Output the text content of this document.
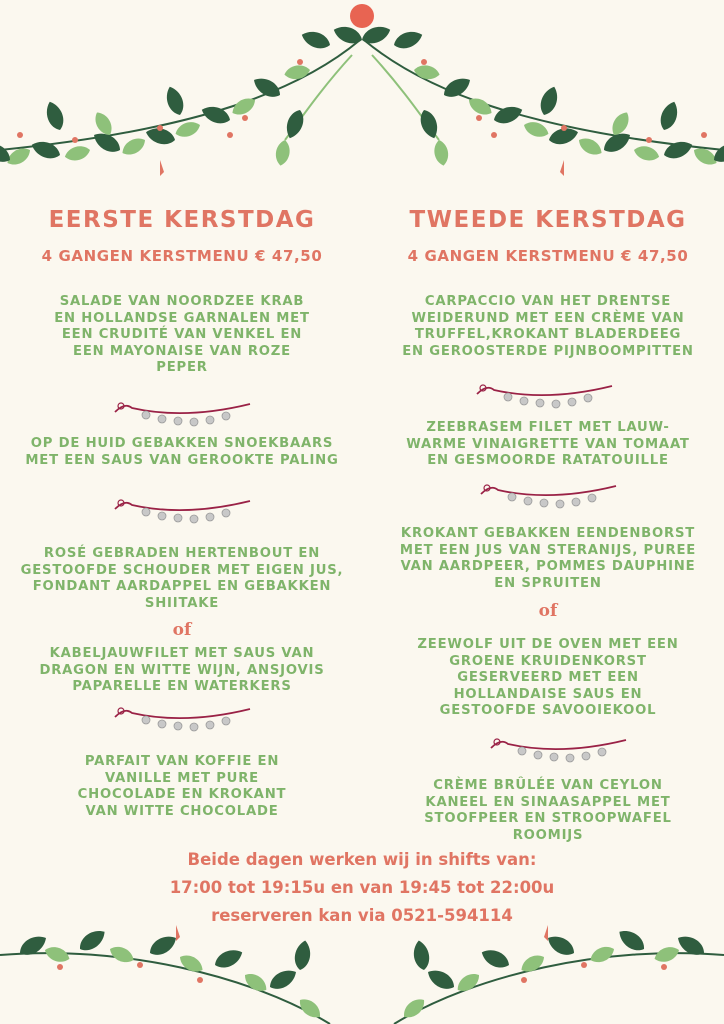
EERSTE KERSTDAG
4 GANGEN KERSTMENU € 47,50
SALADE VAN NOORDZEE KRAB
EN HOLLANDSE GARNALEN MET
EEN CRUDITÉ VAN VENKEL EN
EEN MAYONAISE VAN ROZE
PEPER
OP DE HUID GEBAKKEN SNOEKBAARS
MET EEN SAUS VAN GEROOKTE PALING
ROSÉ GEBRADEN HERTENBOUT EN
GESTOOFDE SCHOUDER MET EIGEN JUS,
FONDANT AARDAPPEL EN GEBAKKEN
SHIITAKE
of
KABELJAUWFILET MET SAUS VAN
DRAGON EN WITTE WIJN, ANSJOVIS
PAPARELLE EN WATERKERS
PARFAIT VAN KOFFIE EN
VANILLE MET PURE
CHOCOLADE EN KROKANT
VAN WITTE CHOCOLADE
TWEEDE KERSTDAG
4 GANGEN KERSTMENU € 47,50
CARPACCIO VAN HET DRENTSE
WEIDERUND MET EEN CRÈME VAN
TRUFFEL,KROKANT BLADERDEEG
EN GEROOSTERDE PIJNBOOMPITTEN
ZEEBRASEM FILET MET LAUW-
WARME VINAIGRETTE VAN TOMAAT
EN GESMOORDE RATATOUILLE
KROKANT GEBAKKEN EENDENBORST
MET EEN JUS VAN STERANIJS, PUREE
VAN AARDPEER, POMMES DAUPHINE
EN SPRUITEN
of
ZEEWOLF UIT DE OVEN MET EEN
GROENE KRUIDENKORST
GESERVEERD MET EEN
HOLLANDAISE SAUS EN
GESTOOFDE SAVOOIEKOOL
CRÈME BRÛLÉE VAN CEYLON
KANEEL EN SINAASAPPEL MET
STOOFPEER EN STROOPWAFEL
ROOMIJS
Beide dagen werken wij in shifts van:
17:00 tot 19:15u en van 19:45 tot 22:00u
reserveren kan via 0521-594114
